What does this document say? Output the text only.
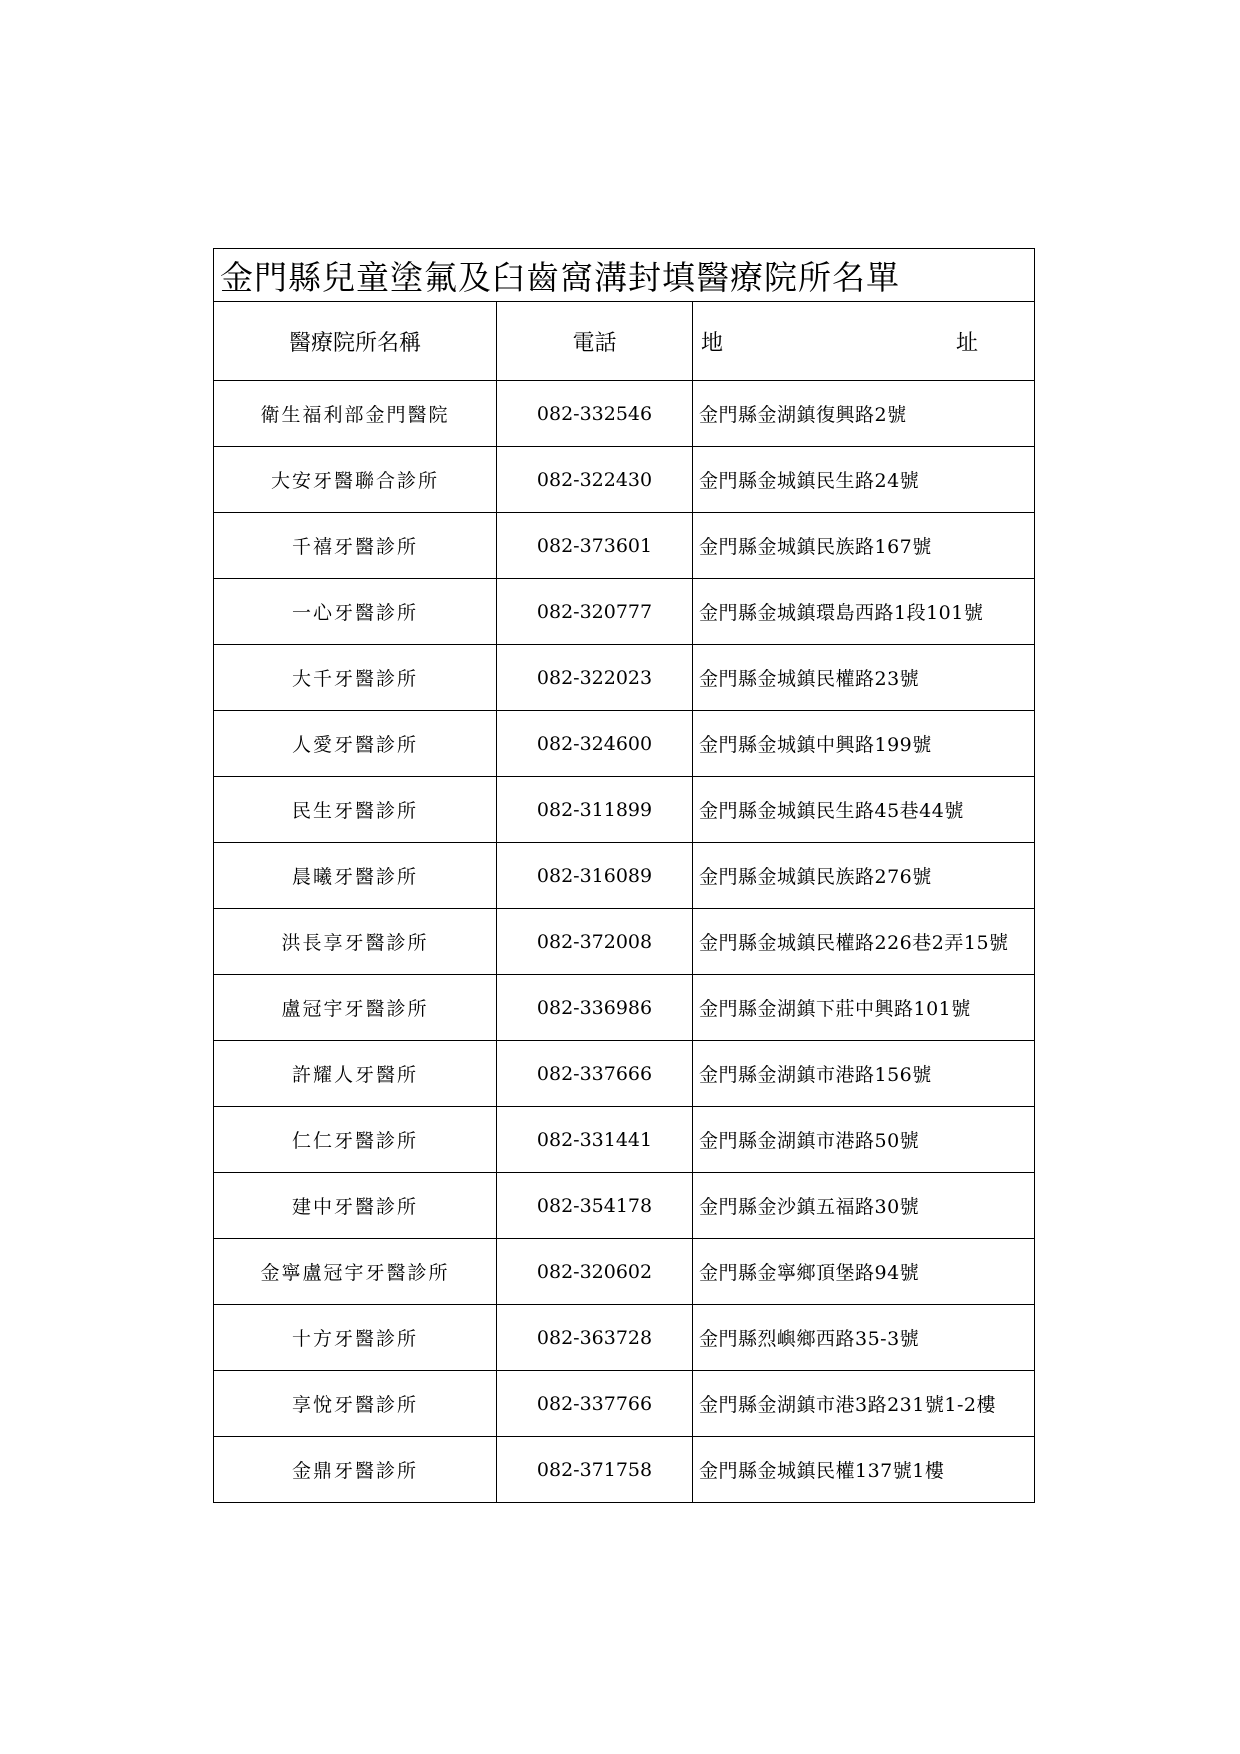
金門縣兒童塗氟及臼齒窩溝封填醫療院所名單		
醫療院所名稱	電話	地 址

衛生福利部金門醫院	082-332546	金門縣金湖鎮復興路2號
大安牙醫聯合診所	082-322430	金門縣金城鎮民生路24號
千禧牙醫診所	082-373601	金門縣金城鎮民族路167號
一心牙醫診所	082-320777	金門縣金城鎮環島西路1段101號
大千牙醫診所	082-322023	金門縣金城鎮民權路23號
人愛牙醫診所	082-324600	金門縣金城鎮中興路199號
民生牙醫診所	082-311899	金門縣金城鎮民生路45巷44號
晨曦牙醫診所	082-316089	金門縣金城鎮民族路276號
洪長享牙醫診所	082-372008	金門縣金城鎮民權路226巷2弄15號
盧冠宇牙醫診所	082-336986	金門縣金湖鎮下莊中興路101號
許耀人牙醫所	082-337666	金門縣金湖鎮市港路156號
仁仁牙醫診所	082-331441	金門縣金湖鎮市港路50號
建中牙醫診所	082-354178	金門縣金沙鎮五福路30號
金寧盧冠宇牙醫診所	082-320602	金門縣金寧鄉頂堡路94號
十方牙醫診所	082-363728	金門縣烈嶼鄉西路35-3號
享悅牙醫診所	082-337766	金門縣金湖鎮市港3路231號1-2樓
金鼎牙醫診所	082-371758	金門縣金城鎮民權137號1樓
